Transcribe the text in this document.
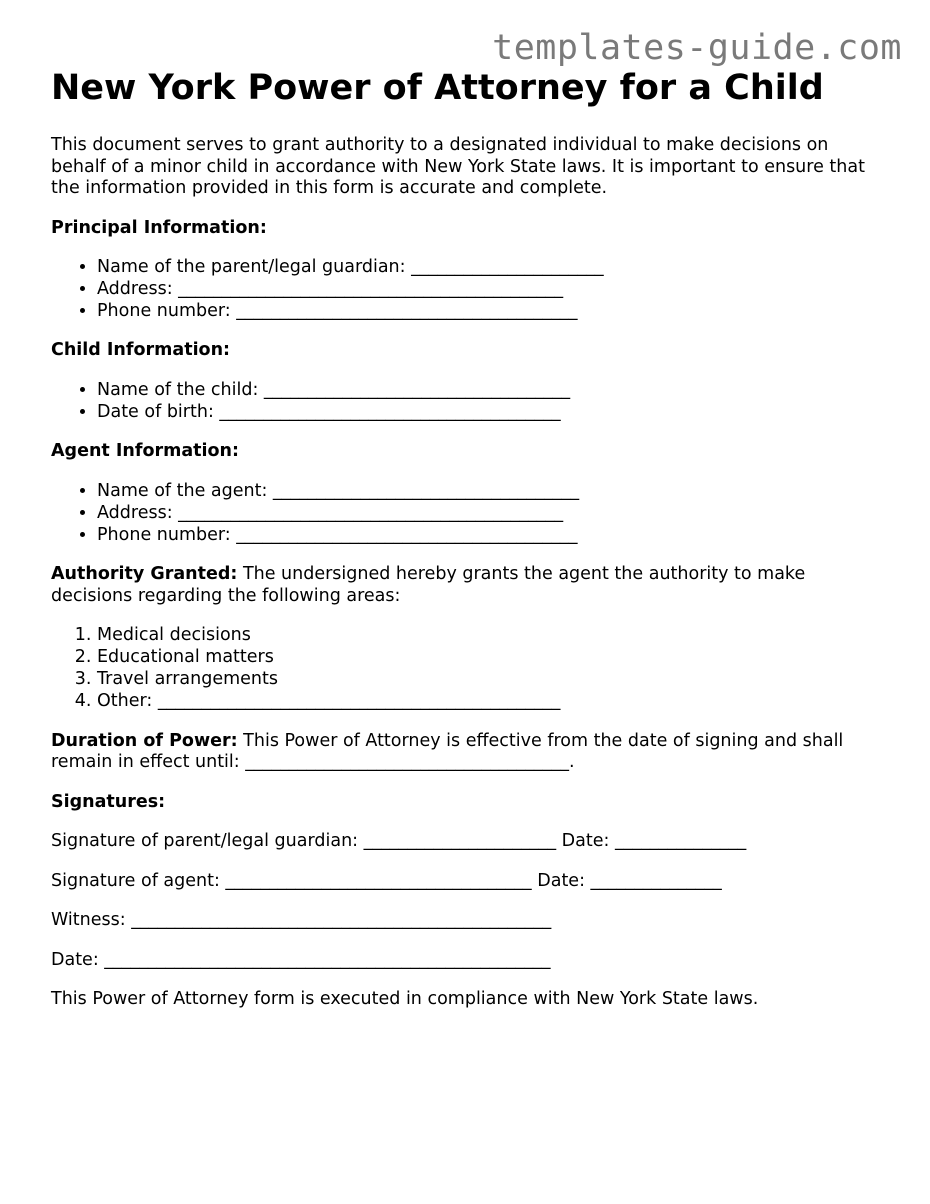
templates-guide.com
New York Power of Attorney for a Child

This document serves to grant authority to a designated individual to make decisions on behalf of a minor child in accordance with New York State laws. It is important to ensure that the information provided in this form is accurate and complete.

Principal Information:

• Name of the parent/legal guardian: ______________________
• Address: ____________________________________________
• Phone number: _______________________________________

Child Information:

• Name of the child: ___________________________________
• Date of birth: _______________________________________

Agent Information:

• Name of the agent: ___________________________________
• Address: ____________________________________________
• Phone number: _______________________________________

Authority Granted: The undersigned hereby grants the agent the authority to make decisions regarding the following areas:

1. Medical decisions
2. Educational matters
3. Travel arrangements
4. Other: ______________________________________________

Duration of Power: This Power of Attorney is effective from the date of signing and shall remain in effect until: _____________________________________.

Signatures:

Signature of parent/legal guardian: ______________________ Date: _______________

Signature of agent: ___________________________________ Date: _______________

Witness: ________________________________________________

Date: ___________________________________________________

This Power of Attorney form is executed in compliance with New York State laws.
